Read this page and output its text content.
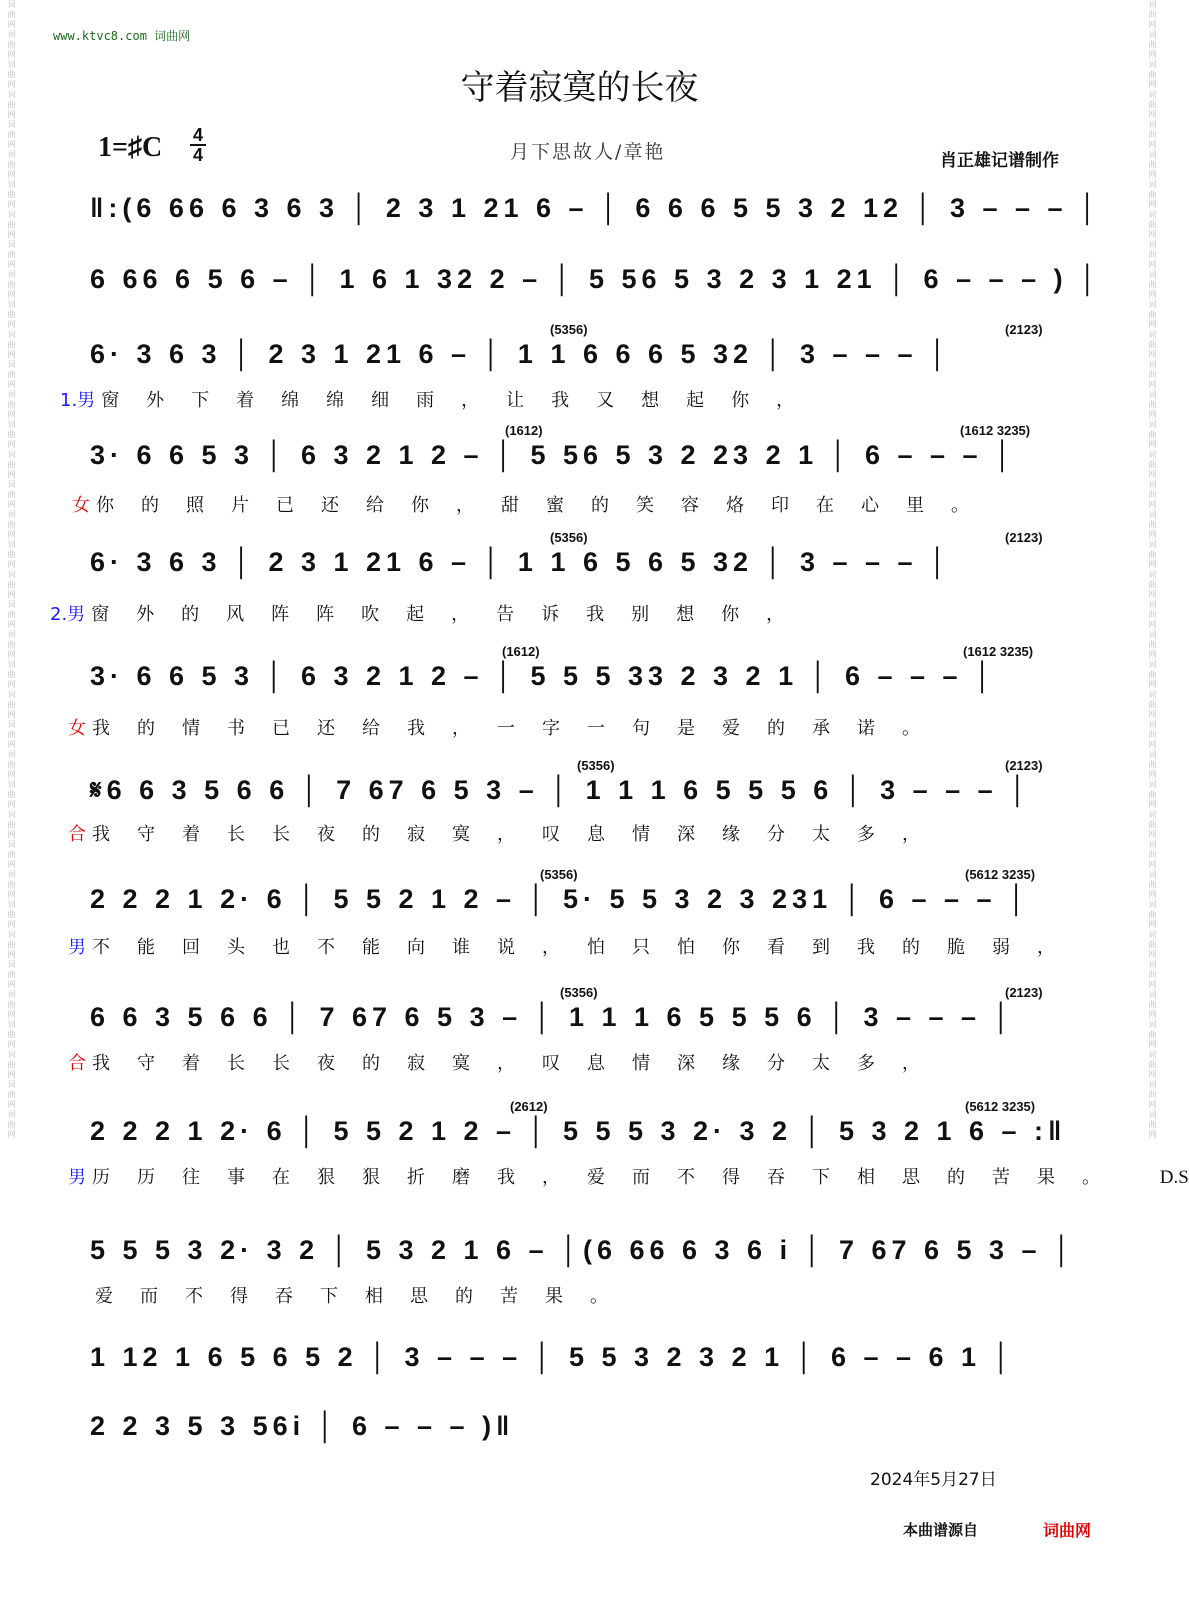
词曲网词曲网词曲网词曲网词曲网词曲网词曲网词曲网词曲网词曲网词曲网词曲网词曲网词曲网词曲网词曲网词曲网词曲网词曲网词曲网词曲网词曲网词曲网词曲网词曲网词曲网词曲网词曲网词曲网词曲网词曲网词曲网词曲网词曲网词曲网词曲网词曲网词曲网	词曲网词曲网词曲网词曲网词曲网词曲网词曲网词曲网词曲网词曲网词曲网词曲网词曲网词曲网词曲网词曲网词曲网词曲网词曲网词曲网词曲网词曲网词曲网词曲网词曲网词曲网词曲网词曲网词曲网词曲网词曲网词曲网词曲网词曲网词曲网词曲网词曲网词曲网
www.ktvc8.com 词曲网
守着寂寞的长夜
1=♯C 4
4	月下思故人/章艳	肖正雄记谱制作
‖:(6 66 6 3 6 3 │ 2 3 1 21 6 – │ 6 6 6 5 5 3 2 12 │ 3 – – – │
6 66 6 5 6 – │ 1 6 1 32 2 – │ 5 56 5 3 2 3 1 21 │ 6 – – – ) │
6· 3 6 3 │ 2 3 1 21 6 – │ 1 1 6 6 6 5 32 │ 3 – – – │
(5356)	(2123)
1.男 窗外下着绵绵细雨，让我又想起你，
3· 6 6 5 3 │ 6 3 2 1 2 – │ 5 56 5 3 2 23 2 1 │ 6 – – – │
(1612)	(1612 3235)
女 你的照片已还给你，甜蜜的笑容烙印在心里。
6· 3 6 3 │ 2 3 1 21 6 – │ 1 1 6 5 6 5 32 │ 3 – – – │
(5356)	(2123)
2.男 窗外的风阵阵吹起，告诉我别想你，
3· 6 6 5 3 │ 6 3 2 1 2 – │ 5 5 5 33 2 3 2 1 │ 6 – – – │
(1612)	(1612 3235)
女 我的情书已还给我，一字一句是爱的承诺。
𝄋6 6 3 5 6 6 │ 7 67 6 5 3 – │ 1 1 1 6 5 5 5 6 │ 3 – – – │
(5356)	(2123)
合 我守着长长夜的寂寞，叹息情深缘分太多，
2 2 2 1 2· 6 │ 5 5 2 1 2 – │ 5· 5 5 3 2 3 231 │ 6 – – – │
(5356)	(5612 3235)
男 不能回头也不能向谁说，怕只怕你看到我的脆弱，
6 6 3 5 6 6 │ 7 67 6 5 3 – │ 1 1 1 6 5 5 5 6 │ 3 – – – │
(5356)	(2123)
合 我守着长长夜的寂寞，叹息情深缘分太多，
2 2 2 1 2· 6 │ 5 5 2 1 2 – │ 5 5 5 3 2· 3 2 │ 5 3 2 1 6 – :‖
(2612)	(5612 3235)
男 历历往事在狠狠折磨我，爱而不得吞下相思的苦果。 D.S
5 5 5 3 2· 3 2 │ 5 3 2 1 6 – │(6 66 6 3 6 i │ 7 67 6 5 3 – │
爱而不得吞下相思的苦果。
1 12 1 6 5 6 5 2 │ 3 – – – │ 5 5 3 2 3 2 1 │ 6 – – 6 1 │
2 2 3 5 3 56i │ 6 – – – )‖
2024年5月27日
本曲谱源自	词曲网
